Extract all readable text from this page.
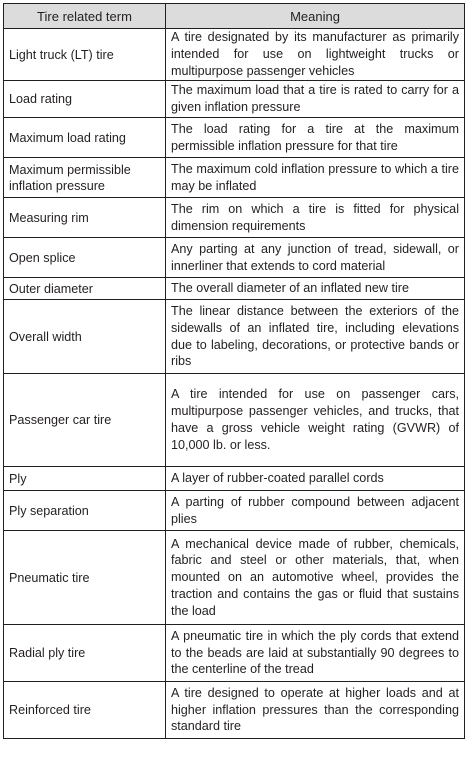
Tire related term	Meaning
Light truck (LT) tire	A tire designated by its manufacturer as primarily intended for use on lightweight trucks or multipurpose passenger vehicles
Load rating	The maximum load that a tire is rated to carry for a given inflation pressure
Maximum load rating	The load rating for a tire at the maximum permissible inflation pressure for that tire
Maximum permissible inflation pressure	The maximum cold inflation pressure to which a tire may be inflated
Measuring rim	The rim on which a tire is fitted for physical dimension requirements
Open splice	Any parting at any junction of tread, sidewall, or innerliner that extends to cord material
Outer diameter	The overall diameter of an inflated new tire
Overall width	The linear distance between the exteriors of the sidewalls of an inflated tire, including elevations due to labeling, decorations, or protective bands or ribs
Passenger car tire	A tire intended for use on passenger cars, multipurpose passenger vehicles, and trucks, that have a gross vehicle weight rating (GVWR) of 10,000 lb. or less.
Ply	A layer of rubber-coated parallel cords
Ply separation	A parting of rubber compound between adjacent plies
Pneumatic tire	A mechanical device made of rubber, chemicals, fabric and steel or other materials, that, when mounted on an automotive wheel, provides the traction and contains the gas or fluid that sustains the load
Radial ply tire	A pneumatic tire in which the ply cords that extend to the beads are laid at substantially 90 degrees to the centerline of the tread
Reinforced tire	A tire designed to operate at higher loads and at higher inflation pressures than the corresponding standard tire
